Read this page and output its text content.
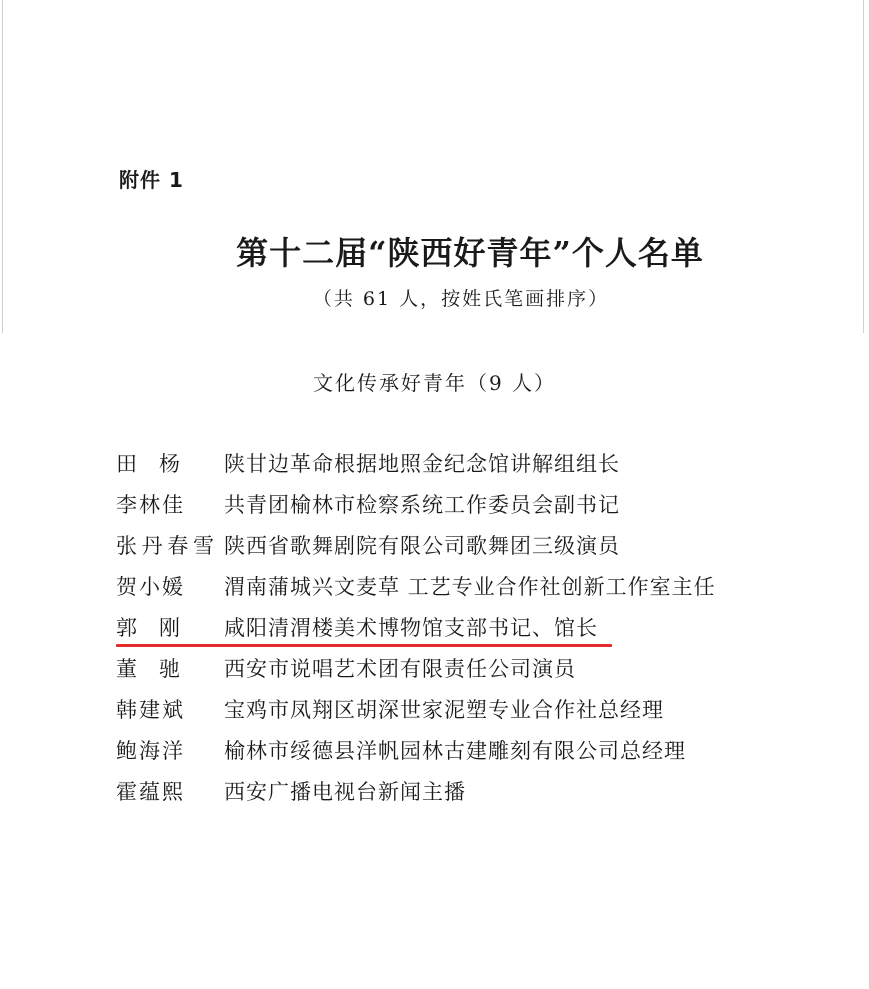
附件 1
第十二届“陕西好青年”个人名单
（共 61 人，按姓氏笔画排序）
文化传承好青年（9 人）
田杨 陕甘边革命根据地照金纪念馆讲解组组长
李林佳 共青团榆林市检察系统工作委员会副书记
张丹春雪 陕西省歌舞剧院有限公司歌舞团三级演员
贺小媛 渭南蒲城兴文麦草 工艺专业合作社创新工作室主任
郭刚 咸阳清渭楼美术博物馆支部书记、馆长
董驰 西安市说唱艺术团有限责任公司演员
韩建斌 宝鸡市凤翔区胡深世家泥塑专业合作社总经理
鲍海洋 榆林市绥德县洋帆园林古建雕刻有限公司总经理
霍蕴熙 西安广播电视台新闻主播
